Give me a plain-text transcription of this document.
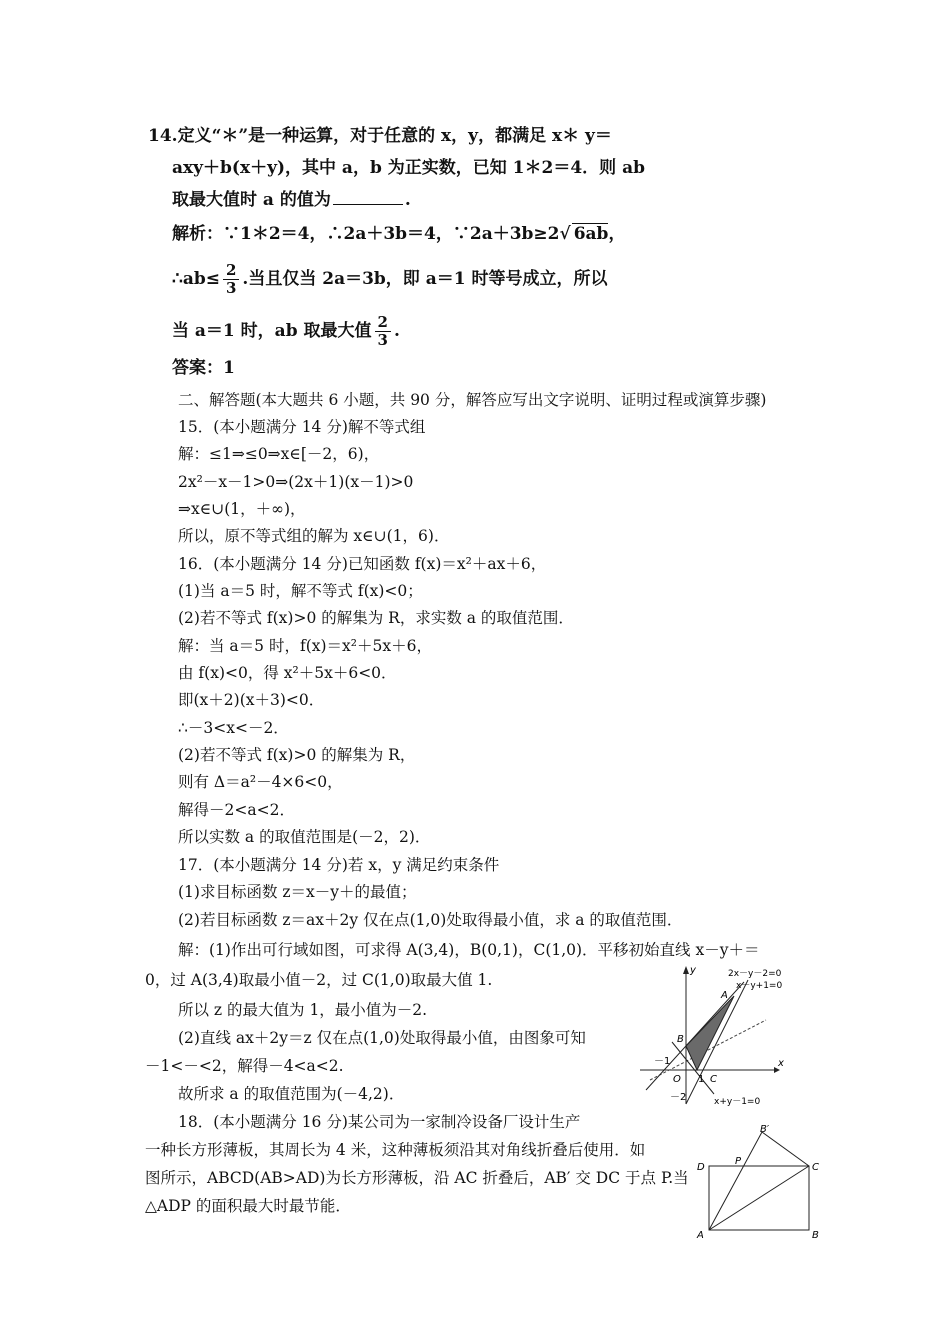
14.定义“＊”是一种运算，对于任意的 x，y，都满足 x＊ y＝
axy＋b(x＋y)，其中 a，b 为正实数，已知 1＊2＝4．则 ab
取最大值时 a 的值为	.
解析：∵1＊2＝4，∴2a＋3b＝4，∵2a＋3b≥2√ 6ab，
∴ab≤ $\frac{2}{3}$ .当且仅当 2a＝3b，即 a＝1 时等号成立，所以
当 a＝1 时，ab 取最大值 $\frac{2}{3}$ .
答案：1
二、解答题(本大题共 6 小题，共 90 分，解答应写出文字说明、证明过程或演算步骤)
15．(本小题满分 14 分)解不等式组
解：≤1⇒≤0⇒x∈[－2，6)，
2x²－x－1>0⇒(2x＋1)(x－1)>0
⇒x∈∪(1，＋∞)，
所以，原不等式组的解为 x∈∪(1，6)．
16．(本小题满分 14 分)已知函数 f(x)＝x²＋ax＋6，
(1)当 a＝5 时，解不等式 f(x)<0；
(2)若不等式 f(x)>0 的解集为 R，求实数 a 的取值范围．
解：当 a＝5 时，f(x)＝x²＋5x＋6，
由 f(x)<0，得 x²＋5x＋6<0．
即(x＋2)(x＋3)<0．
∴－3<x<－2．
(2)若不等式 f(x)>0 的解集为 R，
则有 Δ＝a²－4×6<0，
解得－2<a<2．
所以实数 a 的取值范围是(－2，2)．
17．(本小题满分 14 分)若 x，y 满足约束条件
(1)求目标函数 z＝x－y＋的最值；
(2)若目标函数 z＝ax＋2y 仅在点(1,0)处取得最小值，求 a 的取值范围．
解：(1)作出可行域如图，可求得 A(3,4)，B(0,1)，C(1,0)．平移初始直线 x－y＋＝
0，过 A(3,4)取最小值－2，过 C(1,0)取最大值 1.
所以 z 的最大值为 1，最小值为－2.
(2)直线 ax＋2y＝z 仅在点(1,0)处取得最小值，由图象可知
－1<－<2，解得－4<a<2.
故所求 a 的取值范围为(－4,2)．
18．(本小题满分 16 分)某公司为一家制冷设备厂设计生产
一种长方形薄板，其周长为 4 米，这种薄板须沿其对角线折叠后使用．如
图所示，ABCD(AB>AD)为长方形薄板，沿 AC 折叠后，AB′ 交 DC 于点 P.当
△ADP 的面积最大时最节能．
y
x
O
2x－y－2=0
x－y+1=0
x+y－1=0
A
B
C
－1
1
－2
A	B
C
D
P
B′
